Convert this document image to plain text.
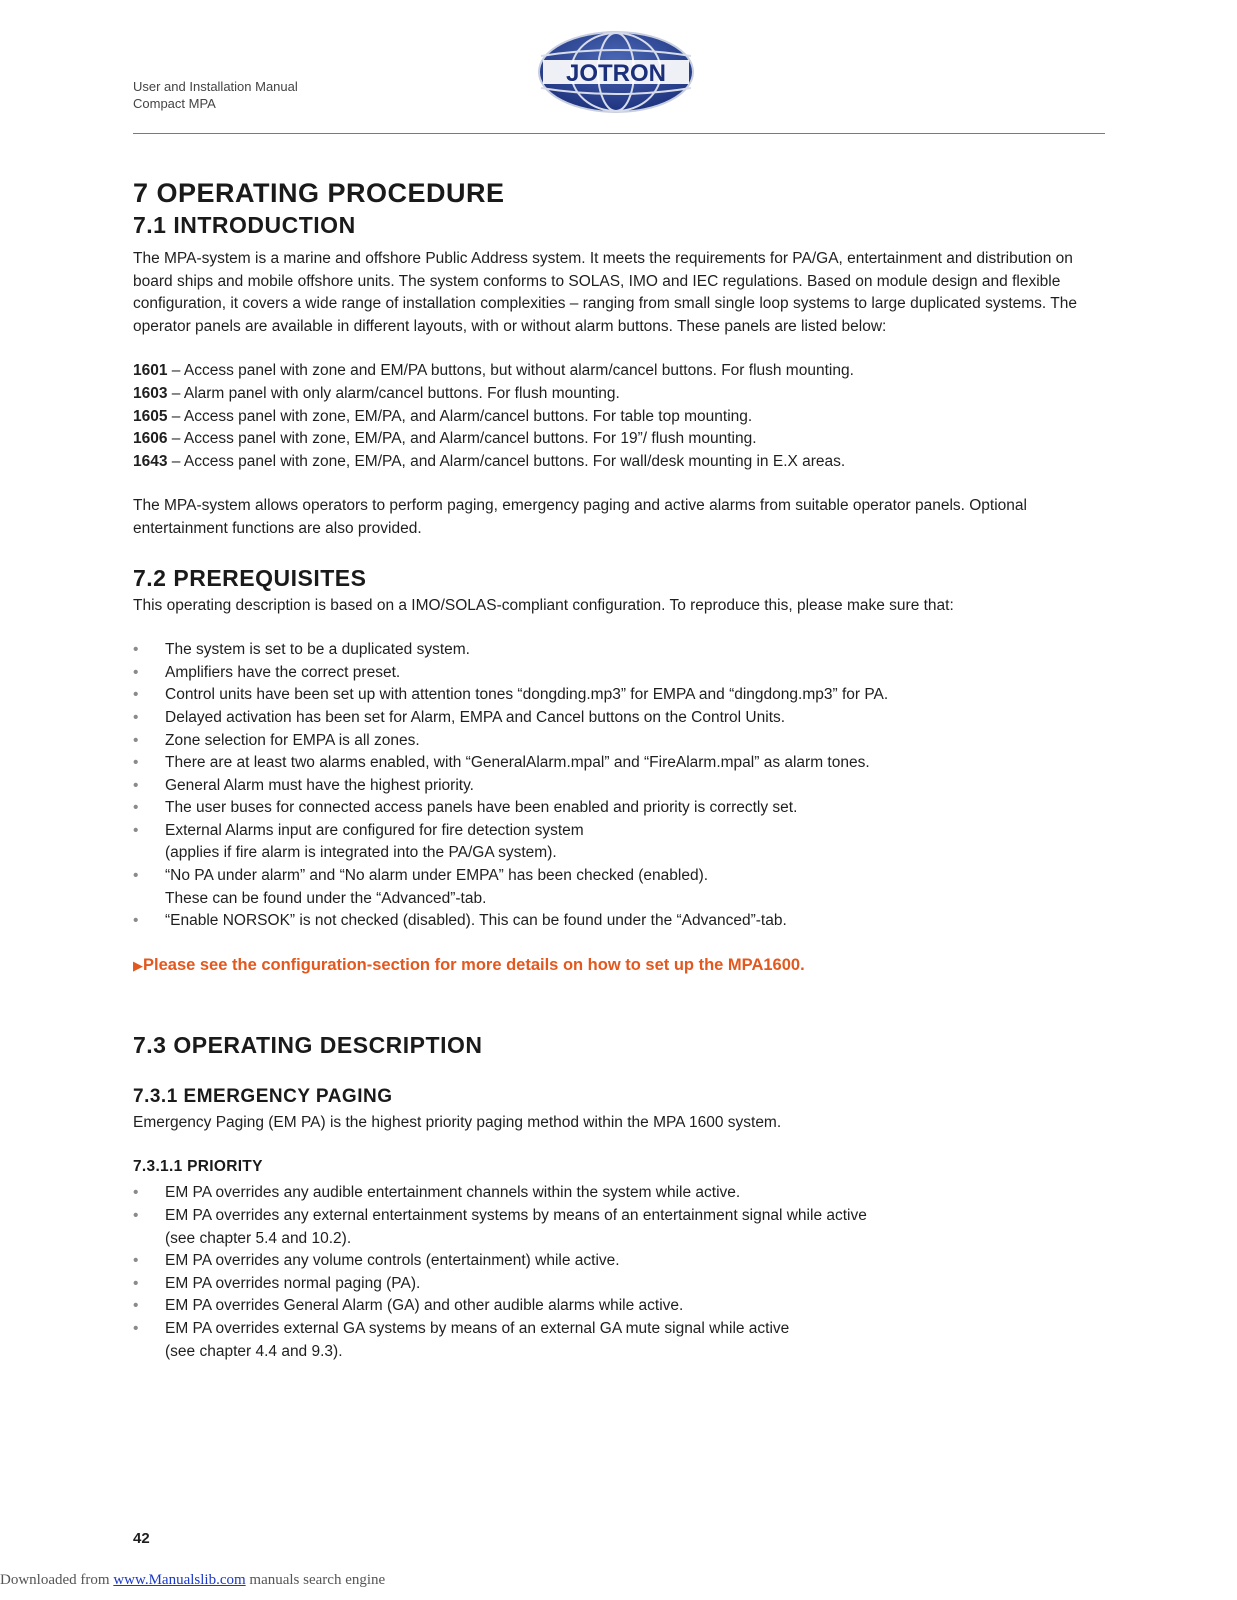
User and Installation Manual
Compact MPA
JOTRON
7 OPERATING PROCEDURE
7.1 INTRODUCTION

The MPA-system is a marine and offshore Public Address system. It meets the requirements for PA/GA, entertainment and distribution on board ships and mobile offshore units. The system conforms to SOLAS, IMO and IEC regulations. Based on module design and flexible configuration, it covers a wide range of installation complexities – ranging from small single loop systems to large duplicated systems. The operator panels are available in different layouts, with or without alarm buttons. These panels are listed below:

1601 – Access panel with zone and EM/PA buttons, but without alarm/cancel buttons. For flush mounting.
1603 – Alarm panel with only alarm/cancel buttons. For flush mounting.
1605 – Access panel with zone, EM/PA, and Alarm/cancel buttons. For table top mounting.
1606 – Access panel with zone, EM/PA, and Alarm/cancel buttons. For 19”/ flush mounting.
1643 – Access panel with zone, EM/PA, and Alarm/cancel buttons. For wall/desk mounting in E.X areas.

The MPA-system allows operators to perform paging, emergency paging and active alarms from suitable operator panels. Optional entertainment functions are also provided.

7.2 PREREQUISITES

This operating description is based on a IMO/SOLAS-compliant configuration. To reproduce this, please make sure that:

• The system is set to be a duplicated system.
• Amplifiers have the correct preset.
• Control units have been set up with attention tones “dongding.mp3” for EMPA and “dingdong.mp3” for PA.
• Delayed activation has been set for Alarm, EMPA and Cancel buttons on the Control Units.
• Zone selection for EMPA is all zones.
• There are at least two alarms enabled, with “GeneralAlarm.mpal” and “FireAlarm.mpal” as alarm tones.
• General Alarm must have the highest priority.
• The user buses for connected access panels have been enabled and priority is correctly set.
• External Alarms input are configured for fire detection system
(applies if fire alarm is integrated into the PA/GA system).
• “No PA under alarm” and “No alarm under EMPA” has been checked (enabled).
These can be found under the “Advanced”-tab.
• “Enable NORSOK” is not checked (disabled). This can be found under the “Advanced”-tab.
▶Please see the configuration-section for more details on how to set up the MPA1600.
7.3 OPERATING DESCRIPTION
7.3.1 EMERGENCY PAGING

Emergency Paging (EM PA) is the highest priority paging method within the MPA 1600 system.

7.3.1.1 PRIORITY
• EM PA overrides any audible entertainment channels within the system while active.
• EM PA overrides any external entertainment systems by means of an entertainment signal while active
(see chapter 5.4 and 10.2).
• EM PA overrides any volume controls (entertainment) while active.
• EM PA overrides normal paging (PA).
• EM PA overrides General Alarm (GA) and other audible alarms while active.
• EM PA overrides external GA systems by means of an external GA mute signal while active
(see chapter 4.4 and 9.3).
42
Downloaded from www.Manualslib.com manuals search engine
